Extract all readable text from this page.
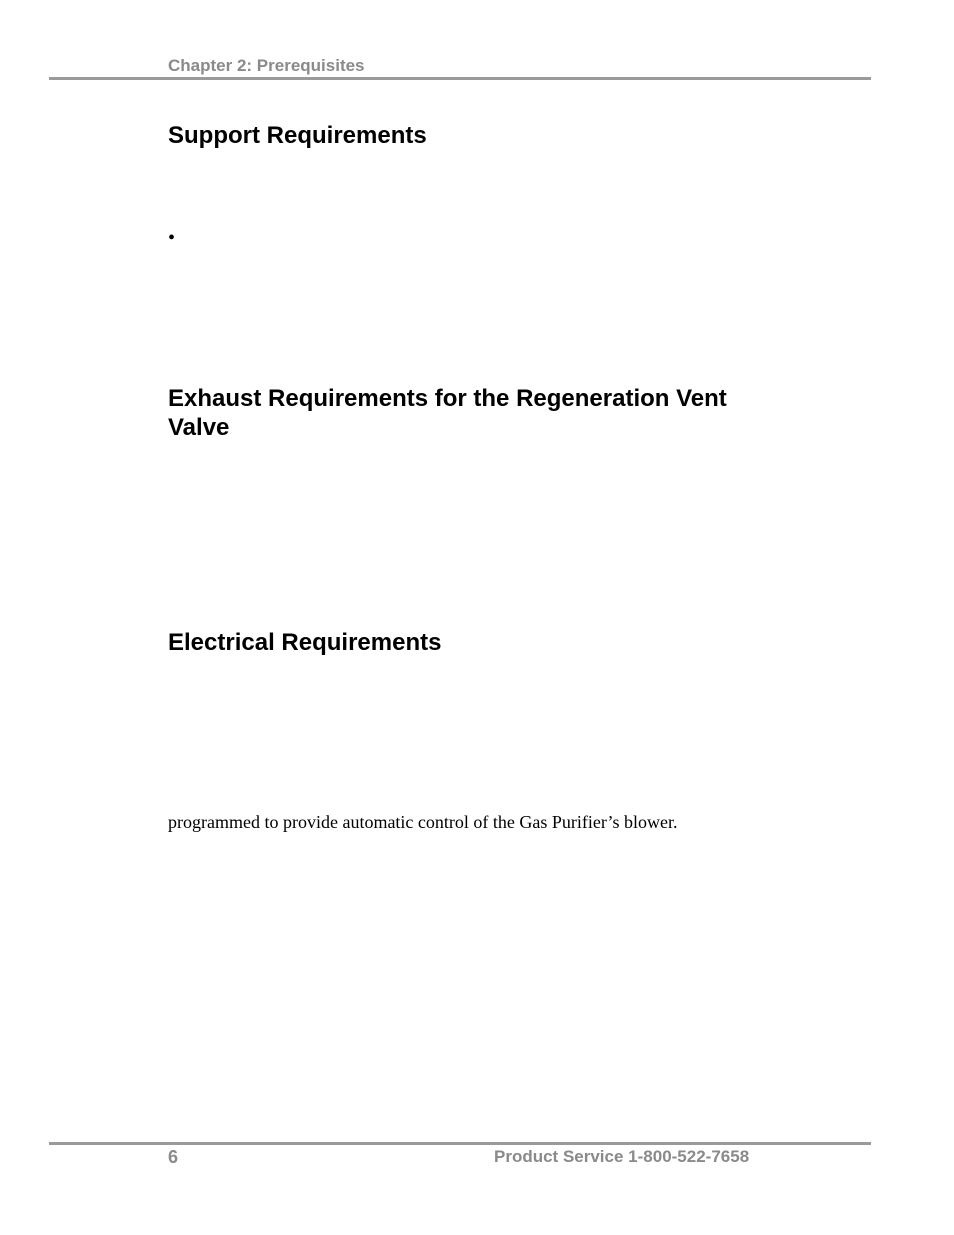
Chapter 2: Prerequisites
Support Requirements
•
Exhaust Requirements for the Regeneration Vent Valve
Electrical Requirements

programmed to provide automatic control of the Gas Purifier’s blower.

6	Product Service 1-800-522-7658
